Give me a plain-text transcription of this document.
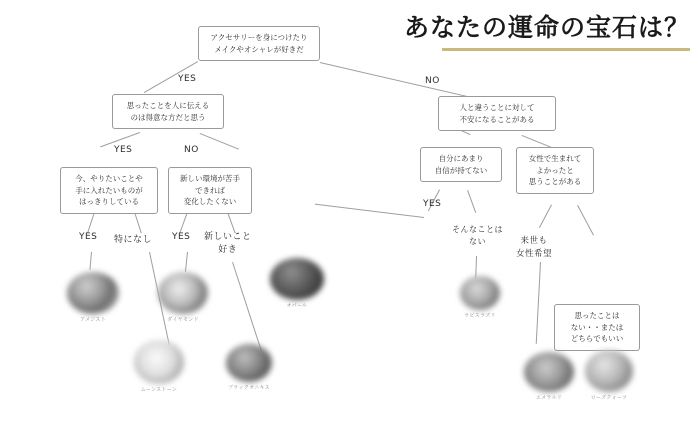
あなたの運命の宝石は？
アクセサリーを身につけたり
メイクやオシャレが好きだ
思ったことを人に伝える
のは得意な方だと思う
今、やりたいことや
手に入れたいものが
はっきりしている
新しい環境が苦手
できれば
変化したくない
人と違うことに対して
不安になることがある
自分にあまり
自信が持てない
女性で生まれて
よかったと
思うことがある
思ったことは
ない・・または
どちらでもいい
YES	NO
YES	NO
YES 特になし YES 新しいこと
好き
YES
そんなことは
ない	来世も
女性希望
アメジスト
ムーンストーン
ダイヤモンド
ブラックオニキス
オパール
ラピスラズリ
エメラルド	ローズクォーツ
